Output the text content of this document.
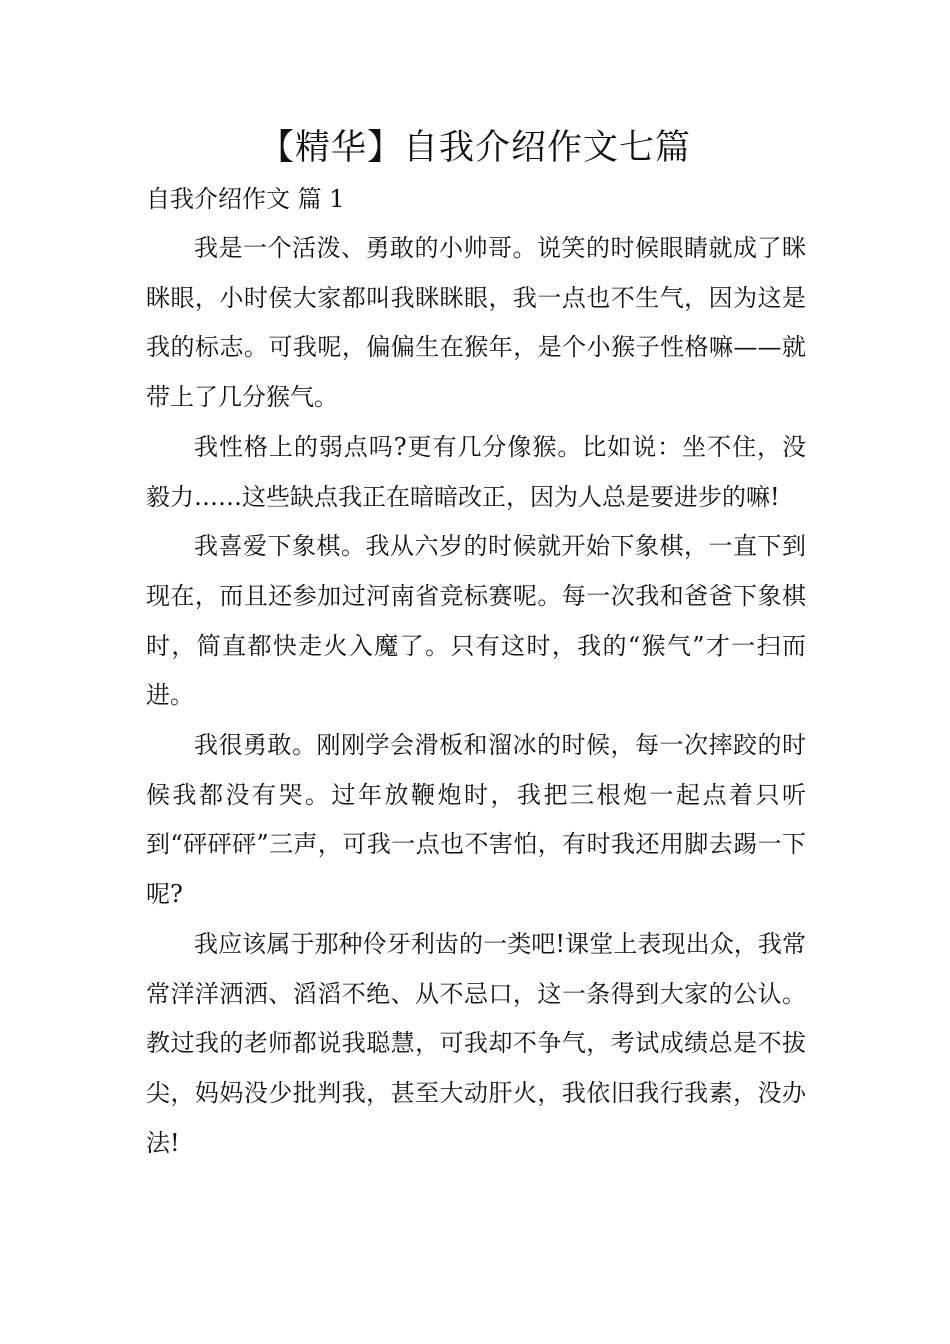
【精华】自我介绍作文七篇
自我介绍作文 篇 1

我是一个活泼、勇敢的小帅哥。说笑的时候眼睛就成了眯眯眼，小时侯大家都叫我眯眯眼，我一点也不生气，因为这是我的标志。可我呢，偏偏生在猴年，是个小猴子性格嘛——就带上了几分猴气。

我性格上的弱点吗?更有几分像猴。比如说：坐不住，没毅力……这些缺点我正在暗暗改正，因为人总是要进步的嘛!

我喜爱下象棋。我从六岁的时候就开始下象棋，一直下到现在，而且还参加过河南省竞标赛呢。每一次我和爸爸下象棋时，简直都快走火入魔了。只有这时，我的“猴气”才一扫而进。

我很勇敢。刚刚学会滑板和溜冰的时候，每一次摔跤的时候我都没有哭。过年放鞭炮时，我把三根炮一起点着只听到“砰砰砰”三声，可我一点也不害怕，有时我还用脚去踢一下呢?

我应该属于那种伶牙利齿的一类吧!课堂上表现出众，我常常洋洋洒洒、滔滔不绝、从不忌口，这一条得到大家的公认。教过我的老师都说我聪慧，可我却不争气，考试成绩总是不拔尖，妈妈没少批判我，甚至大动肝火，我依旧我行我素，没办法!
